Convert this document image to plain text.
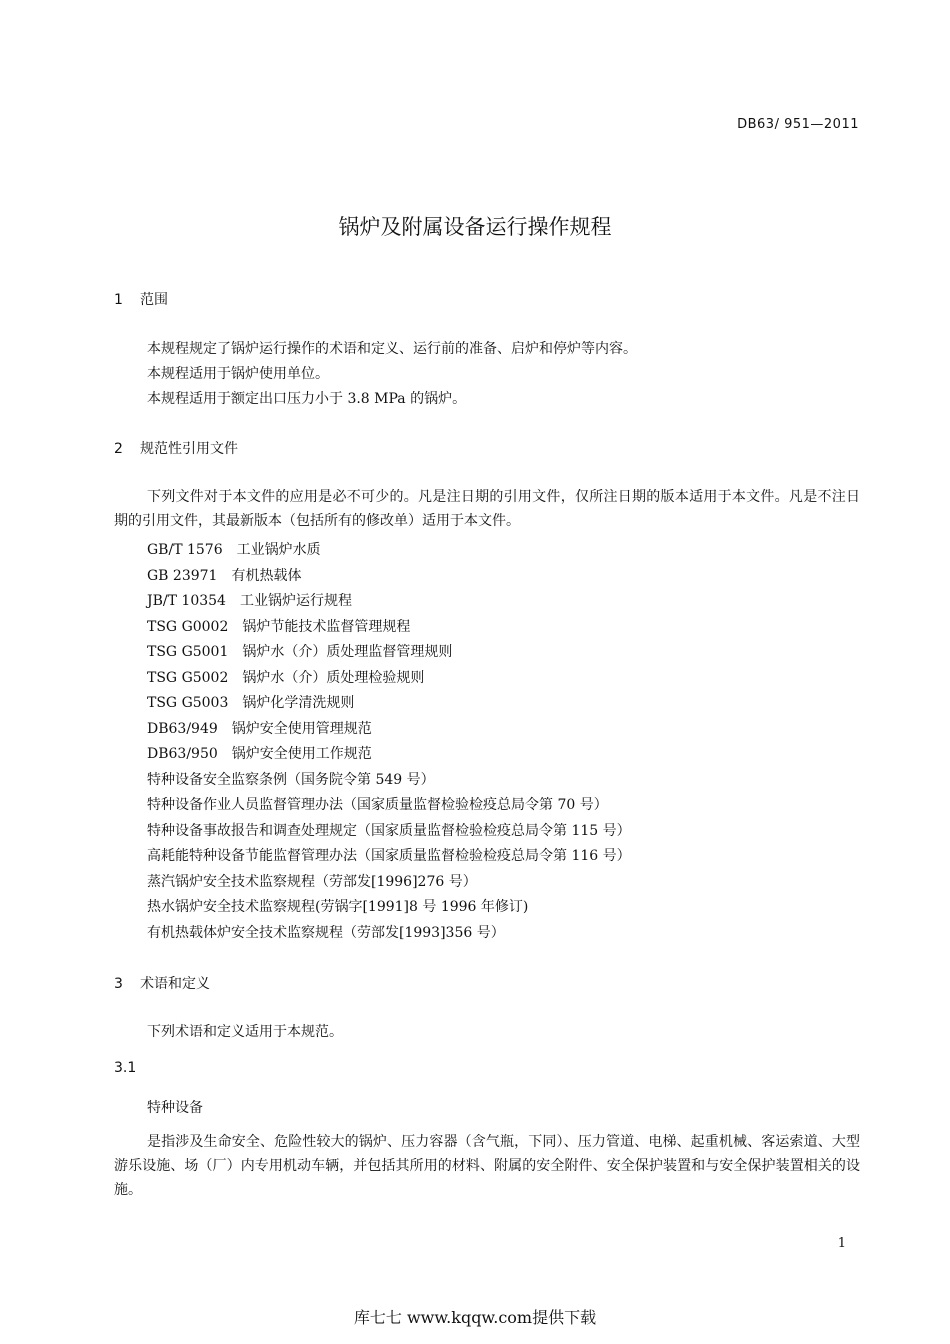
DB63/ 951—2011
锅炉及附属设备运行操作规程
1 范围
本规程规定了锅炉运行操作的术语和定义、运行前的准备、启炉和停炉等内容。
本规程适用于锅炉使用单位。
本规程适用于额定出口压力小于 3.8 MPa 的锅炉。
2 规范性引用文件
下列文件对于本文件的应用是必不可少的。凡是注日期的引用文件，仅所注日期的版本适用于本文件。凡是不注日期的引用文件，其最新版本（包括所有的修改单）适用于本文件。
GB/T 1576 工业锅炉水质
GB 23971 有机热载体
JB/T 10354 工业锅炉运行规程
TSG G0002 锅炉节能技术监督管理规程
TSG G5001 锅炉水（介）质处理监督管理规则
TSG G5002 锅炉水（介）质处理检验规则
TSG G5003 锅炉化学清洗规则
DB63/949 锅炉安全使用管理规范
DB63/950 锅炉安全使用工作规范
特种设备安全监察条例（国务院令第 549 号）
特种设备作业人员监督管理办法（国家质量监督检验检疫总局令第 70 号）
特种设备事故报告和调查处理规定（国家质量监督检验检疫总局令第 115 号）
高耗能特种设备节能监督管理办法（国家质量监督检验检疫总局令第 116 号）
蒸汽锅炉安全技术监察规程（劳部发[1996]276 号）
热水锅炉安全技术监察规程(劳锅字[1991]8 号 1996 年修订)
有机热载体炉安全技术监察规程（劳部发[1993]356 号）
3 术语和定义
下列术语和定义适用于本规范。
3.1
特种设备
是指涉及生命安全、危险性较大的锅炉、压力容器（含气瓶，下同）、压力管道、电梯、起重机械、客运索道、大型游乐设施、场（厂）内专用机动车辆，并包括其所用的材料、附属的安全附件、安全保护装置和与安全保护装置相关的设施。
1
库七七 www.kqqw.com提供下载
